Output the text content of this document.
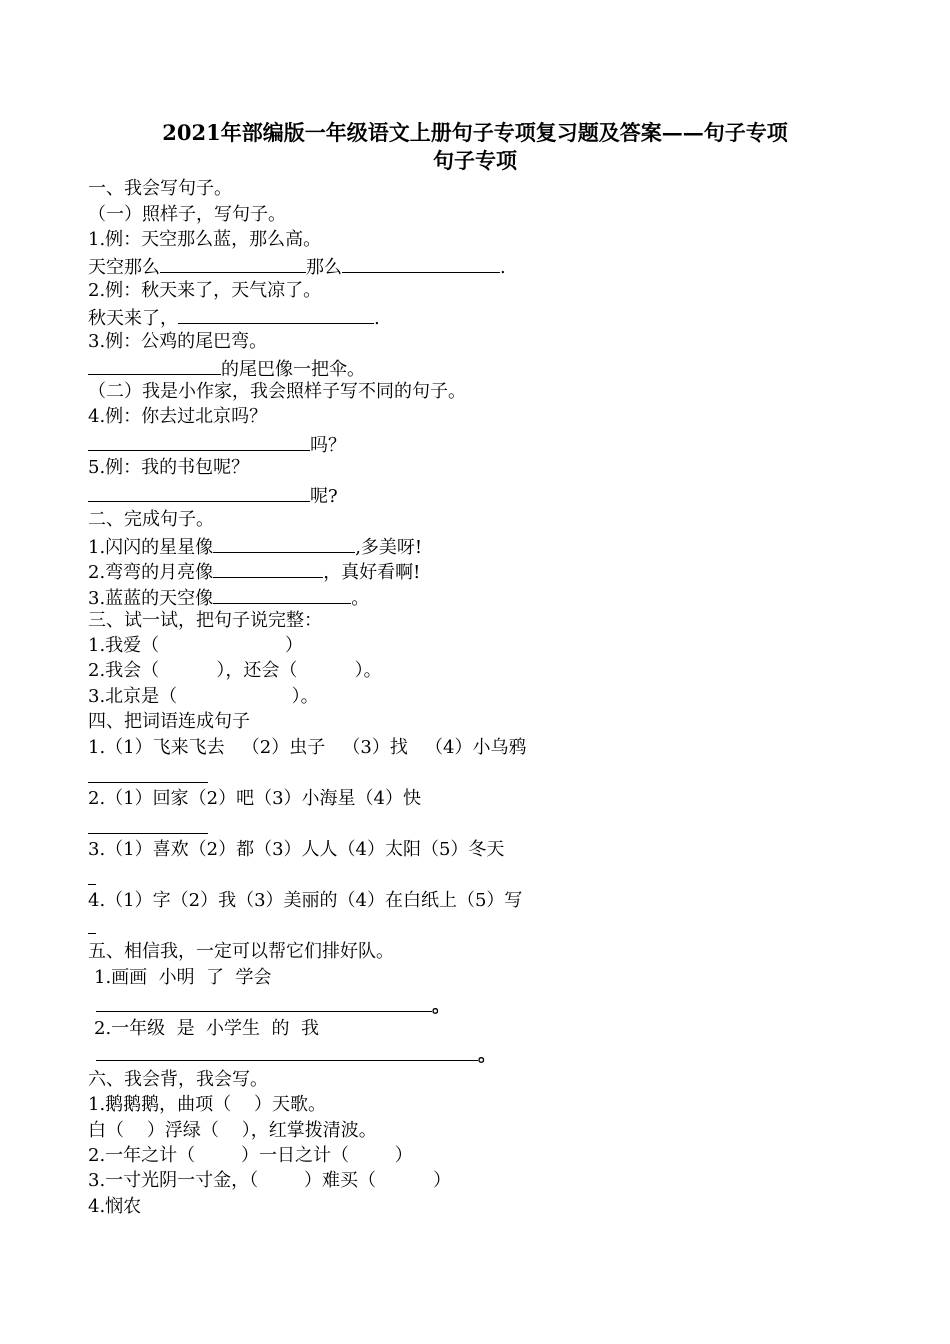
2021年部编版一年级语文上册句子专项复习题及答案——句子专项
句子专项
一、我会写句子。
（一）照样子，写句子。
1.例：天空那么蓝，那么高。
天空那么	那么	.
2.例：秋天来了，天气凉了。
秋天来了，	.
3.例：公鸡的尾巴弯。
的尾巴像一把伞。
（二）我是小作家，我会照样子写不同的句子。
4.例：你去过北京吗？
吗？
5.例：我的书包呢？
呢?
二、完成句子。
1.闪闪的星星像	,多美呀!
2.弯弯的月亮像	，真好看啊!
3.蓝蓝的天空像	。
三、试一试，把句子说完整：
1.我爱（                      ）
2.我会（          ），还会（          ）。
3.北京是（                    ）。
四、把词语连成句子
1.（1）飞来飞去   （2）虫子   （3）找   （4）小乌鸦
2.（1）回家（2）吧（3）小海星（4）快
3.（1）喜欢（2）都（3）人人（4）太阳（5）冬天
4.（1）字（2）我（3）美丽的（4）在白纸上（5）写
五、相信我，一定可以帮它们排好队。
1.画画  小明  了  学会
。
2.一年级  是  小学生  的  我
。
六、我会背，我会写。
1.鹅鹅鹅，曲项（    ）天歌。
白（    ）浮绿（    ），红掌拨清波。
2.一年之计（        ）一日之计（        ）
3.一寸光阴一寸金，（        ）难买（          ）
4.悯农
